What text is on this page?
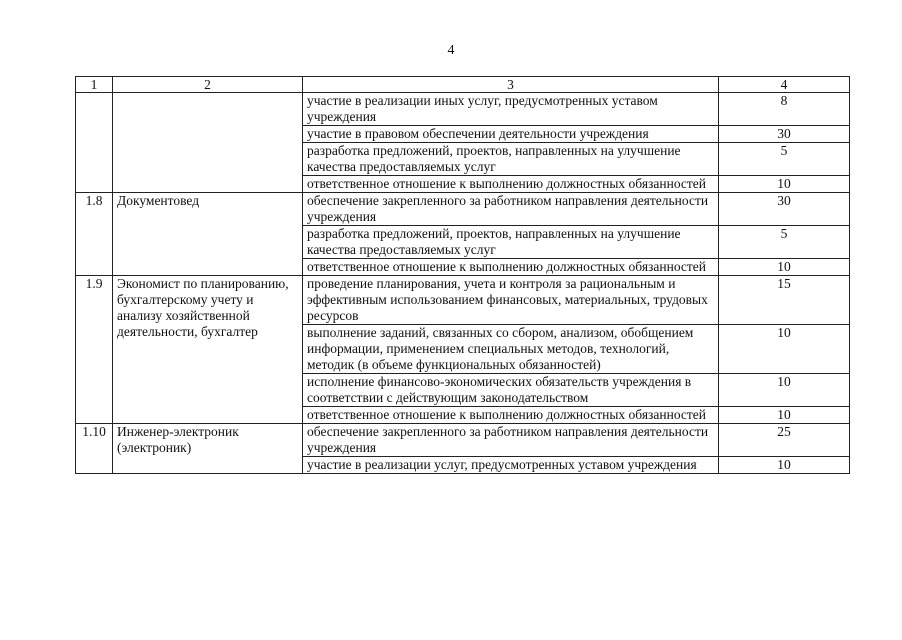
4
1	2	3	4
		участие в реализации иных услуг, предусмотренных уставом учреждения	8
		участие в правовом обеспечении деятельности учреждения	30
		разработка предложений, проектов, направленных на улучшение качества предоставляемых услуг	5
		ответственное отношение к выполнению должностных обязанностей	10
1.8	Документовед	обеспечение закрепленного за работником направления деятельности учреждения	30
		разработка предложений, проектов, направленных на улучшение качества предоставляемых услуг	5
		ответственное отношение к выполнению должностных обязанностей	10
1.9	Экономист по планированию, бухгалтерскому учету и анализу хозяйственной деятельности, бухгалтер	проведение планирования, учета и контроля за рациональным и эффективным использованием финансовых, материальных, трудовых ресурсов	15
		выполнение заданий, связанных со сбором, анализом, обобщением информации, применением специальных методов, технологий, методик (в объеме функциональных обязанностей)	10
		исполнение финансово-экономических обязательств учреждения в соответствии с действующим законодательством	10
		ответственное отношение к выполнению должностных обязанностей	10
1.10	Инженер-электроник (электроник)	обеспечение закрепленного за работником направления деятельности учреждения	25
		участие в реализации услуг, предусмотренных уставом учреждения	10
